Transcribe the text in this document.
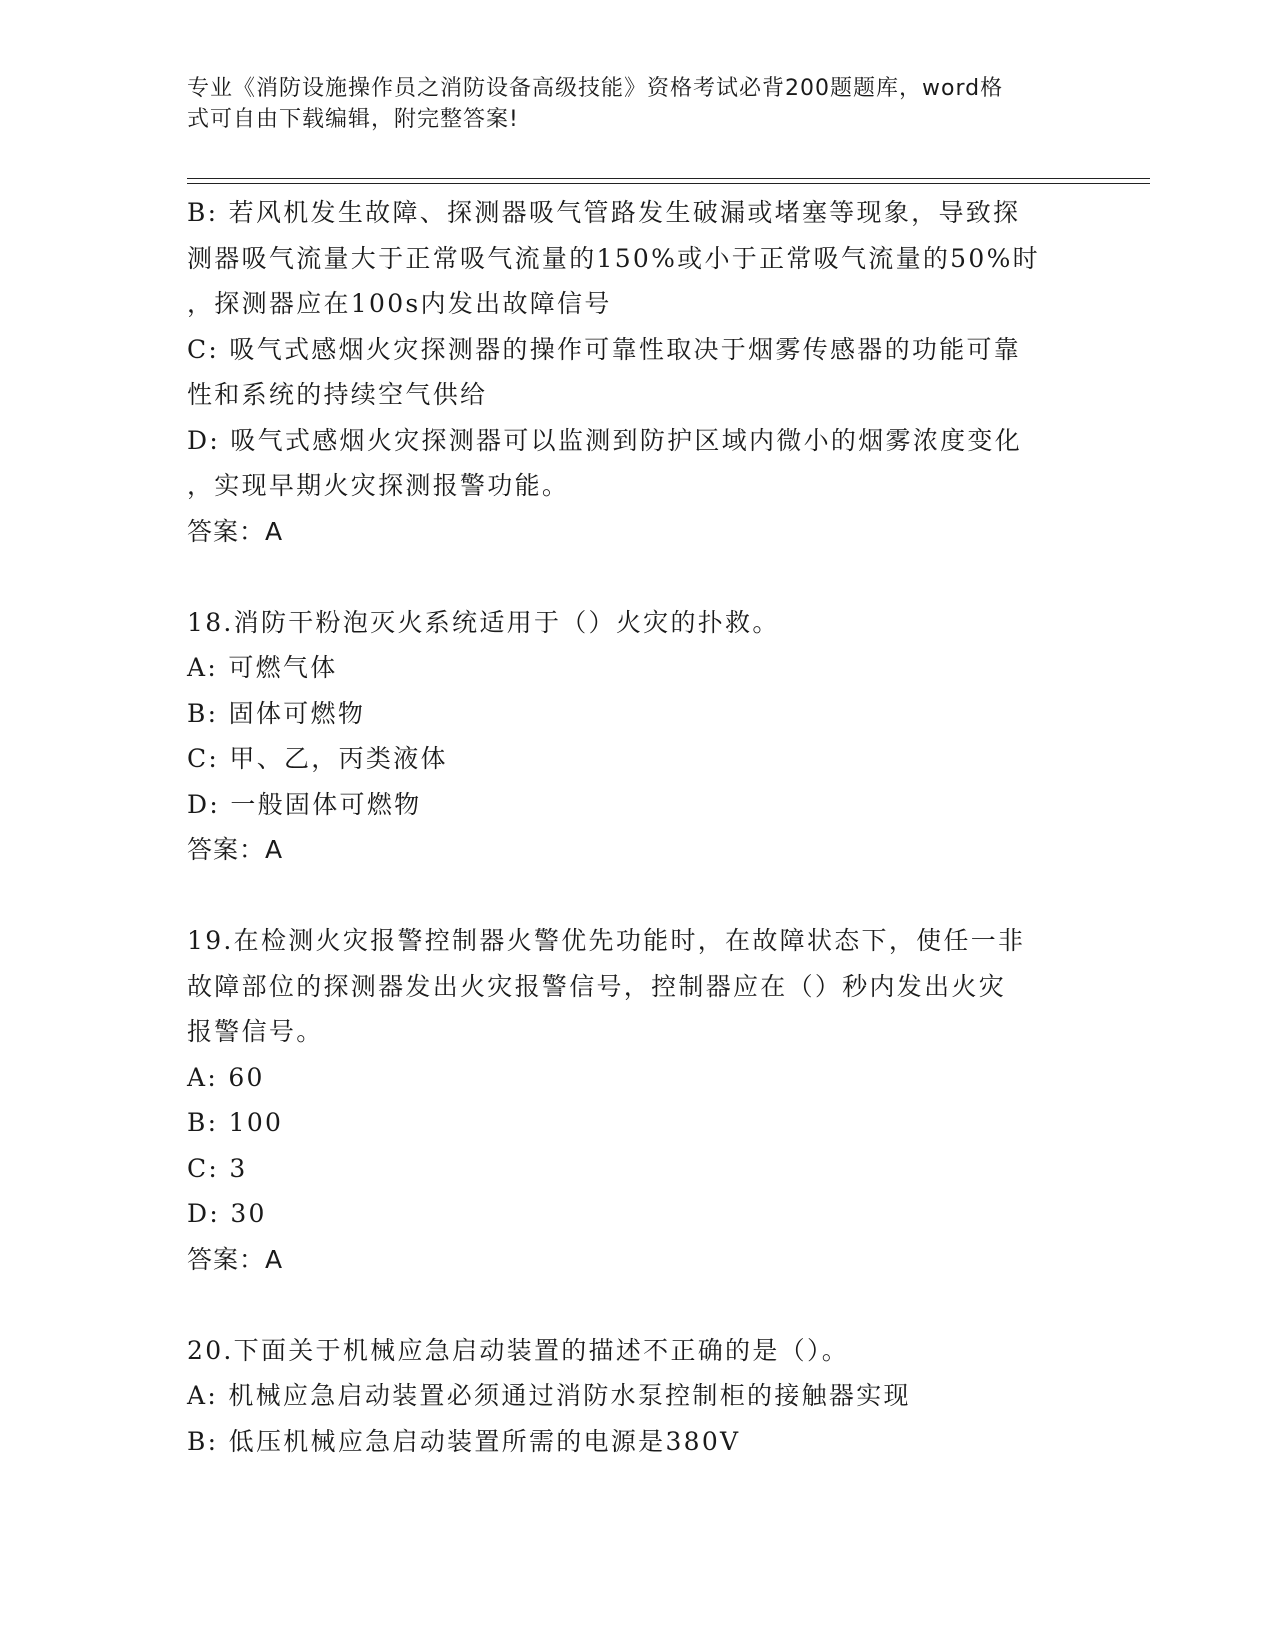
专业《消防设施操作员之消防设备高级技能》资格考试必背200题题库，word格
式可自由下载编辑，附完整答案!
B: 若风机发生故障、探测器吸气管路发生破漏或堵塞等现象，导致探
测器吸气流量大于正常吸气流量的150%或小于正常吸气流量的50%时
，探测器应在100s内发出故障信号
C: 吸气式感烟火灾探测器的操作可靠性取决于烟雾传感器的功能可靠
性和系统的持续空气供给
D: 吸气式感烟火灾探测器可以监测到防护区域内微小的烟雾浓度变化
，实现早期火灾探测报警功能。
答案：A
18.消防干粉泡灭火系统适用于（）火灾的扑救。
A: 可燃气体
B: 固体可燃物
C: 甲、乙，丙类液体
D: 一般固体可燃物
答案：A
19.在检测火灾报警控制器火警优先功能时，在故障状态下，使任一非
故障部位的探测器发出火灾报警信号，控制器应在（）秒内发出火灾
报警信号。
A: 60
B: 100
C: 3
D: 30
答案：A
20.下面关于机械应急启动装置的描述不正确的是（）。
A: 机械应急启动装置必须通过消防水泵控制柜的接触器实现
B: 低压机械应急启动装置所需的电源是380V
